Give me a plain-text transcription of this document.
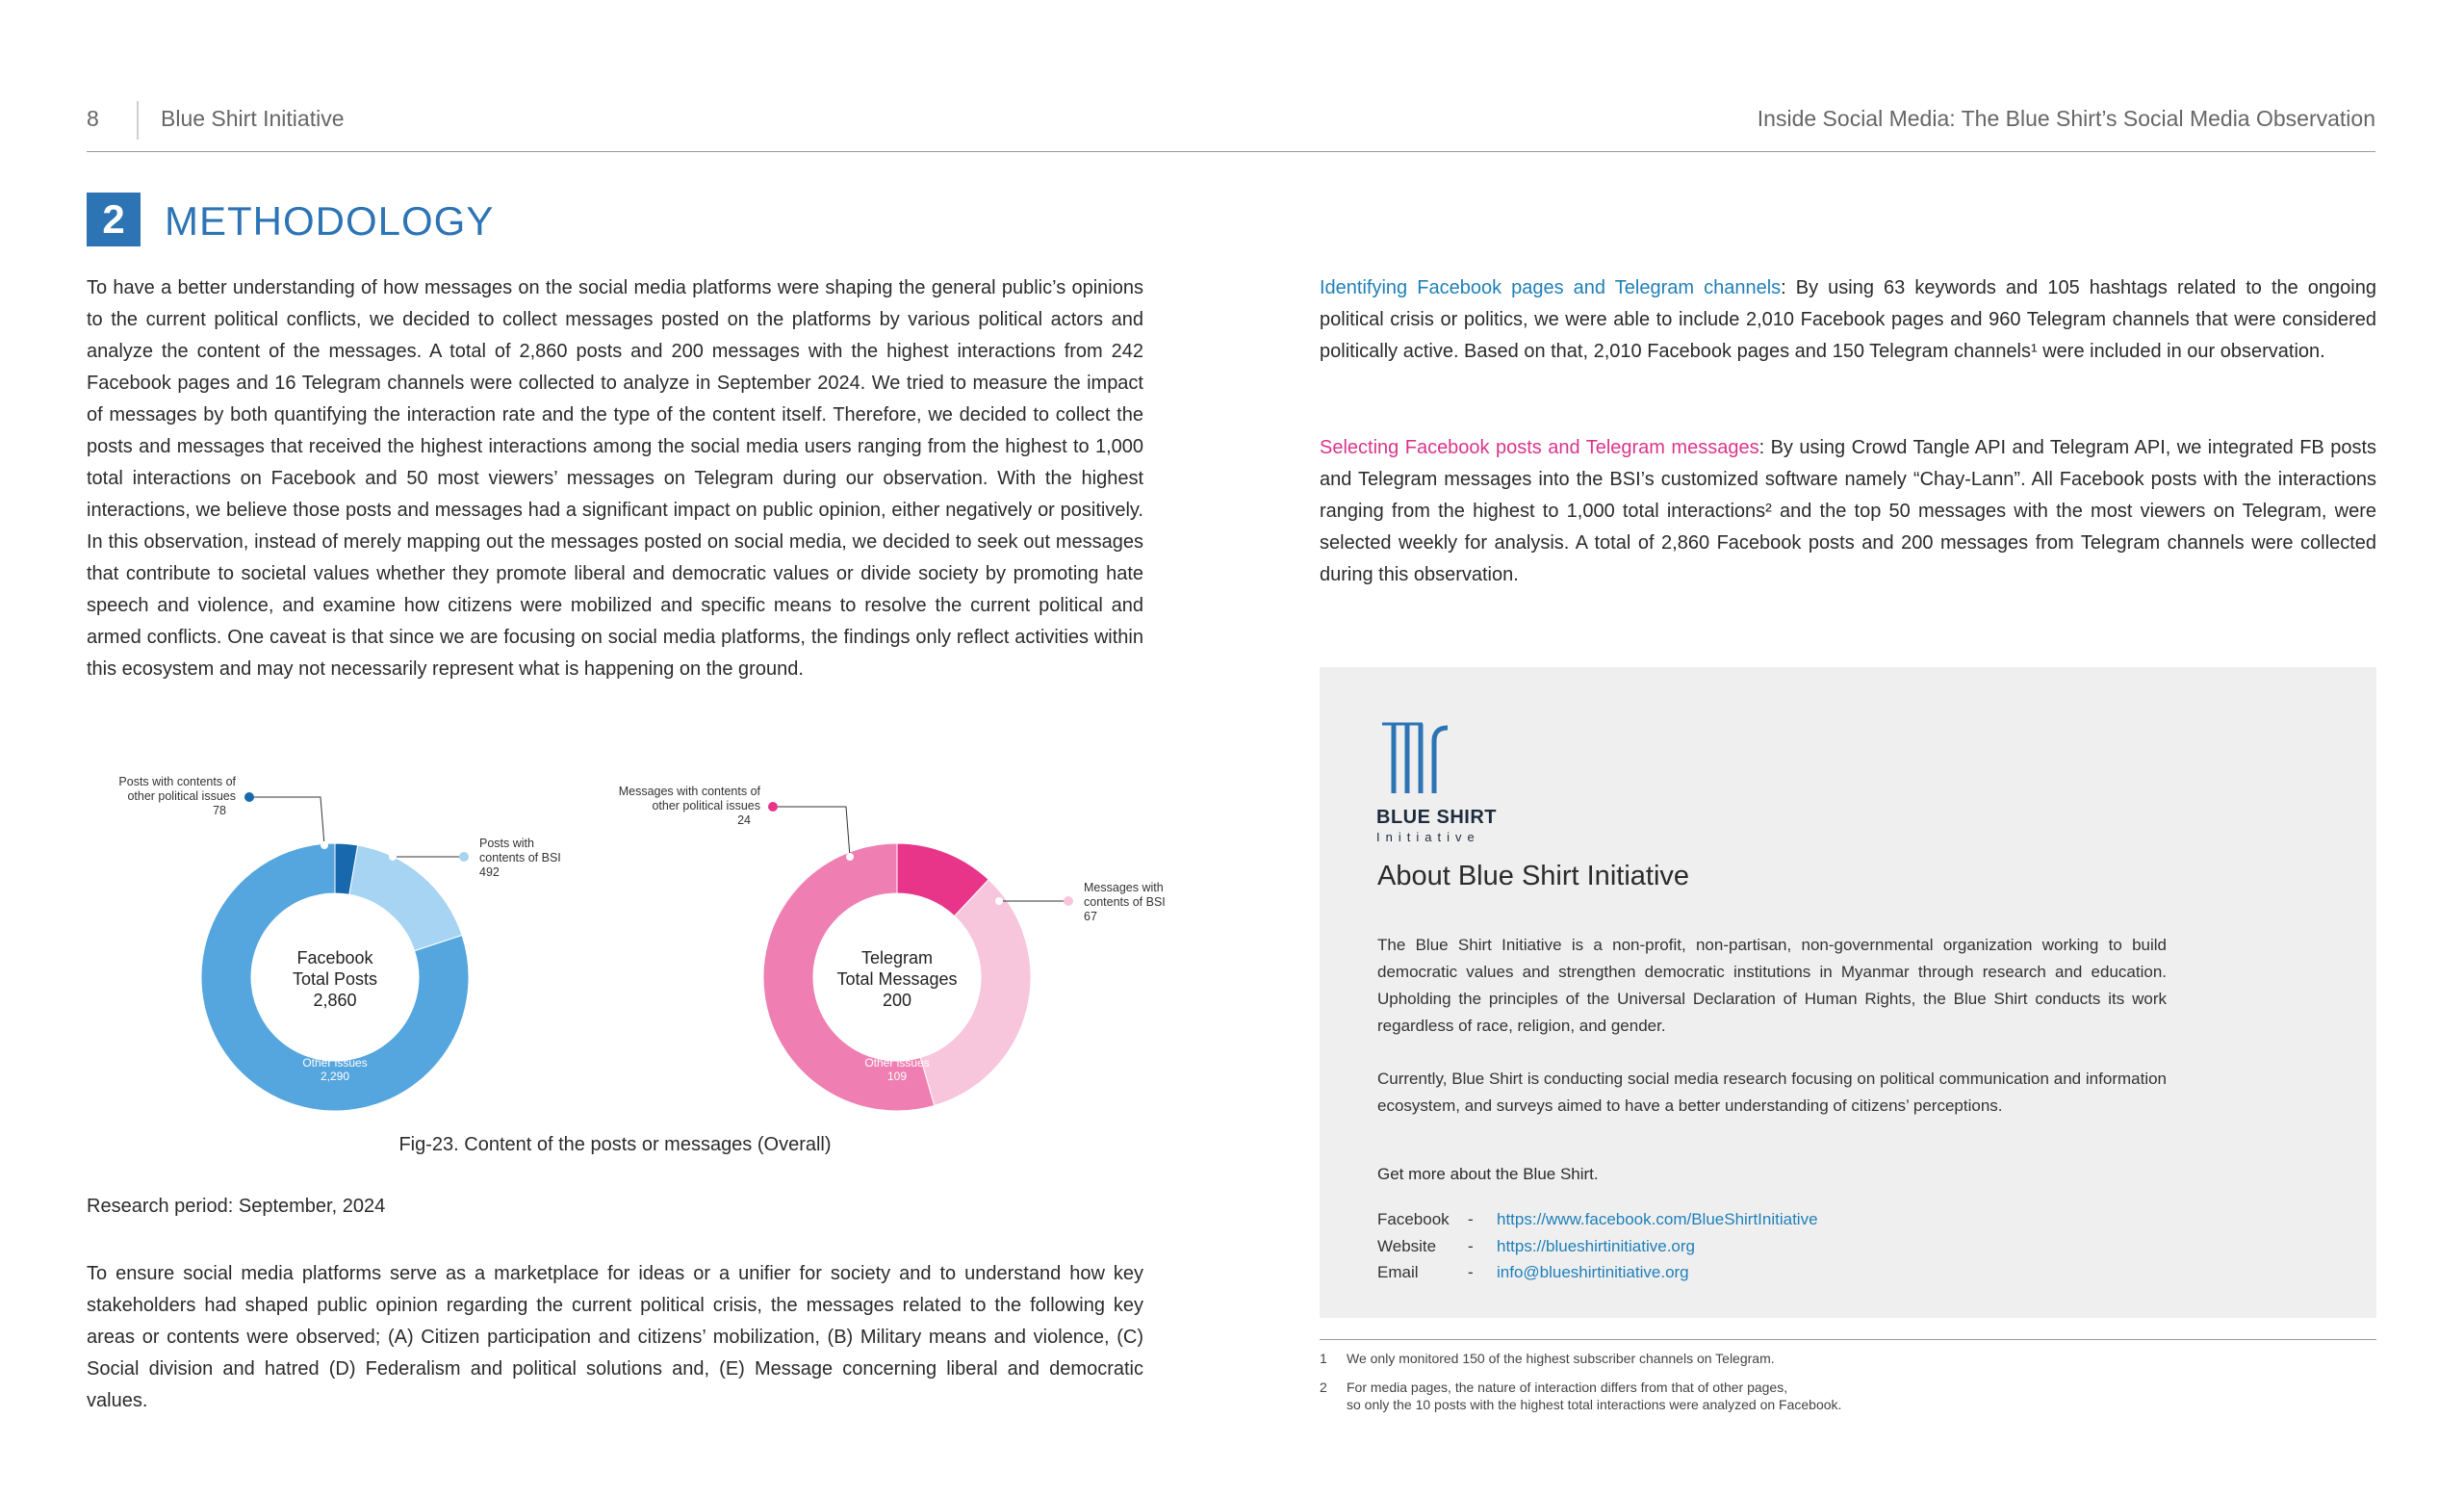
8	Blue Shirt Initiative	Inside Social Media: The Blue Shirt’s Social Media Observation
2 METHODOLOGY
To have a better understanding of how messages on the social media platforms were shaping the general public’s opinions to the current political conflicts, we decided to collect messages posted on the platforms by various political actors and analyze the content of the messages. A total of 2,860 posts and 200 messages with the highest interactions from 242 Facebook pages and 16 Telegram channels were collected to analyze in September 2024. We tried to measure the impact of messages by both quantifying the interaction rate and the type of the content itself. Therefore, we decided to collect the posts and messages that received the highest interactions among the social media users ranging from the highest to 1,000 total interactions on Facebook and 50 most viewers’ messages on Telegram during our observation. With the highest interactions, we believe those posts and messages had a significant impact on public opinion, either negatively or positively. In this observation, instead of merely mapping out the messages posted on social media, we decided to seek out messages that contribute to societal values whether they promote liberal and democratic values or divide society by promoting hate speech and violence, and examine how citizens were mobilized and specific means to resolve the current political and armed conflicts. One caveat is that since we are focusing on social media platforms, the findings only reflect activities within this ecosystem and may not necessarily represent what is happening on the ground.
Facebook
Total Posts
2,860
Posts with contents of
other political issues
78
Posts with
contents of BSI
492
Other issues
2,290
Telegram
Total Messages
200
Messages with contents of
other political issues
24
Messages with
contents of BSI
67
Other issues
109
Fig-23. Content of the posts or messages (Overall)
Research period: September, 2024
To ensure social media platforms serve as a marketplace for ideas or a unifier for society and to understand how key stakeholders had shaped public opinion regarding the current political crisis, the messages related to the following key areas or contents were observed; (A) Citizen participation and citizens’ mobilization, (B) Military means and violence, (C) Social division and hatred (D) Federalism and political solutions and, (E) Message concerning liberal and democratic values.
Identifying Facebook pages and Telegram channels: By using 63 keywords and 105 hashtags related to the ongoing political crisis or politics, we were able to include 2,010 Facebook pages and 960 Telegram channels that were considered politically active. Based on that, 2,010 Facebook pages and 150 Telegram channels¹ were included in our observation.
Selecting Facebook posts and Telegram messages: By using Crowd Tangle API and Telegram API, we integrated FB posts and Telegram messages into the BSI’s customized software namely “Chay-Lann”. All Facebook posts with the interactions ranging from the highest to 1,000 total interactions² and the top 50 messages with the most viewers on Telegram, were selected weekly for analysis. A total of 2,860 Facebook posts and 200 messages from Telegram channels were collected during this observation.
BLUE SHIRT
Initiative
About Blue Shirt Initiative
The Blue Shirt Initiative is a non-profit, non-partisan, non-governmental organization working to build democratic values and strengthen democratic institutions in Myanmar through research and education. Upholding the principles of the Universal Declaration of Human Rights, the Blue Shirt conducts its work regardless of race, religion, and gender.
Currently, Blue Shirt is conducting social media research focusing on political communication and information ecosystem, and surveys aimed to have a better understanding of citizens’ perceptions.
Get more about the Blue Shirt.
Facebook - https://www.facebook.com/BlueShirtInitiative
Website - https://blueshirtinitiative.org
Email	- info@blueshirtinitiative.org
1 We only monitored 150 of the highest subscriber channels on Telegram.
2 For media pages, the nature of interaction differs from that of other pages,
so only the 10 posts with the highest total interactions were analyzed on Facebook.
